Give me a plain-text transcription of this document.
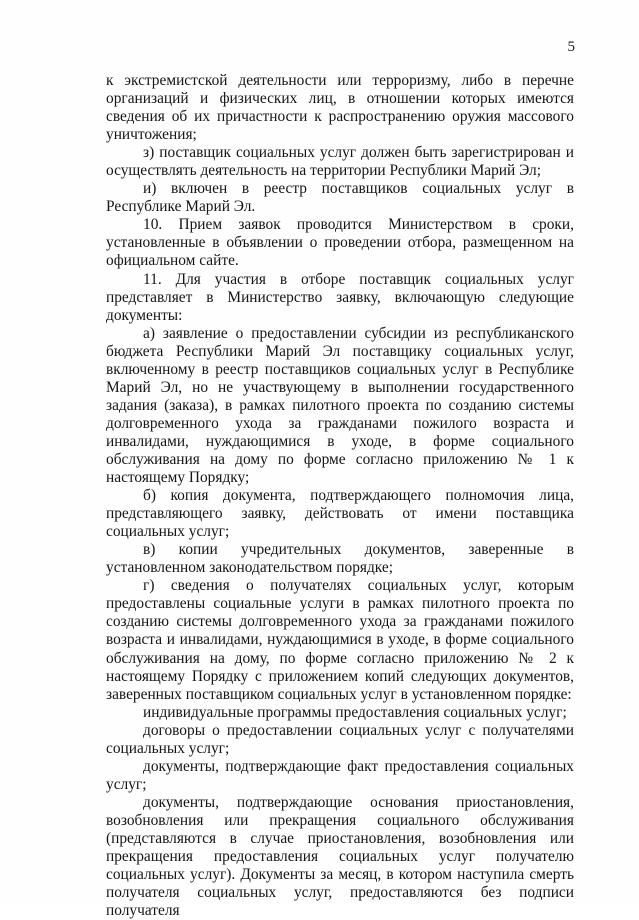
5

к экстремистской деятельности или терроризму, либо в перечне организаций и физических лиц, в отношении которых имеются сведения об их причастности к распространению оружия массового уничтожения;

з) поставщик социальных услуг должен быть зарегистрирован и осуществлять деятельность на территории Республики Марий Эл;

и) включен в реестр поставщиков социальных услуг в Республике Марий Эл.

10. Прием заявок проводится Министерством в сроки, установленные в объявлении о проведении отбора, размещенном на официальном сайте.

11. Для участия в отборе поставщик социальных услуг представляет в Министерство заявку, включающую следующие документы:

а) заявление о предоставлении субсидии из республиканского бюджета Республики Марий Эл поставщику социальных услуг, включенному в реестр поставщиков социальных услуг в Республике Марий Эл, но не участвующему в выполнении государственного задания (заказа), в рамках пилотного проекта по созданию системы долговременного ухода за гражданами пожилого возраста и инвалидами, нуждающимися в уходе, в форме социального обслуживания на дому по форме согласно приложению № 1 к настоящему Порядку;

б) копия документа, подтверждающего полномочия лица, представляющего заявку, действовать от имени поставщика социальных услуг;

в) копии учредительных документов, заверенные в установленном законодательством порядке;

г) сведения о получателях социальных услуг, которым предоставлены социальные услуги в рамках пилотного проекта по созданию системы долговременного ухода за гражданами пожилого возраста и инвалидами, нуждающимися в уходе, в форме социального обслуживания на дому, по форме согласно приложению № 2 к настоящему Порядку с приложением копий следующих документов, заверенных поставщиком социальных услуг в установленном порядке:

индивидуальные программы предоставления социальных услуг;

договоры о предоставлении социальных услуг с получателями социальных услуг;

документы, подтверждающие факт предоставления социальных услуг;

документы, подтверждающие основания приостановления, возобновления или прекращения социального обслуживания (представляются в случае приостановления, возобновления или прекращения предоставления социальных услуг получателю социальных услуг). Документы за месяц, в котором наступила смерть получателя социальных услуг, предоставляются без подписи получателя
